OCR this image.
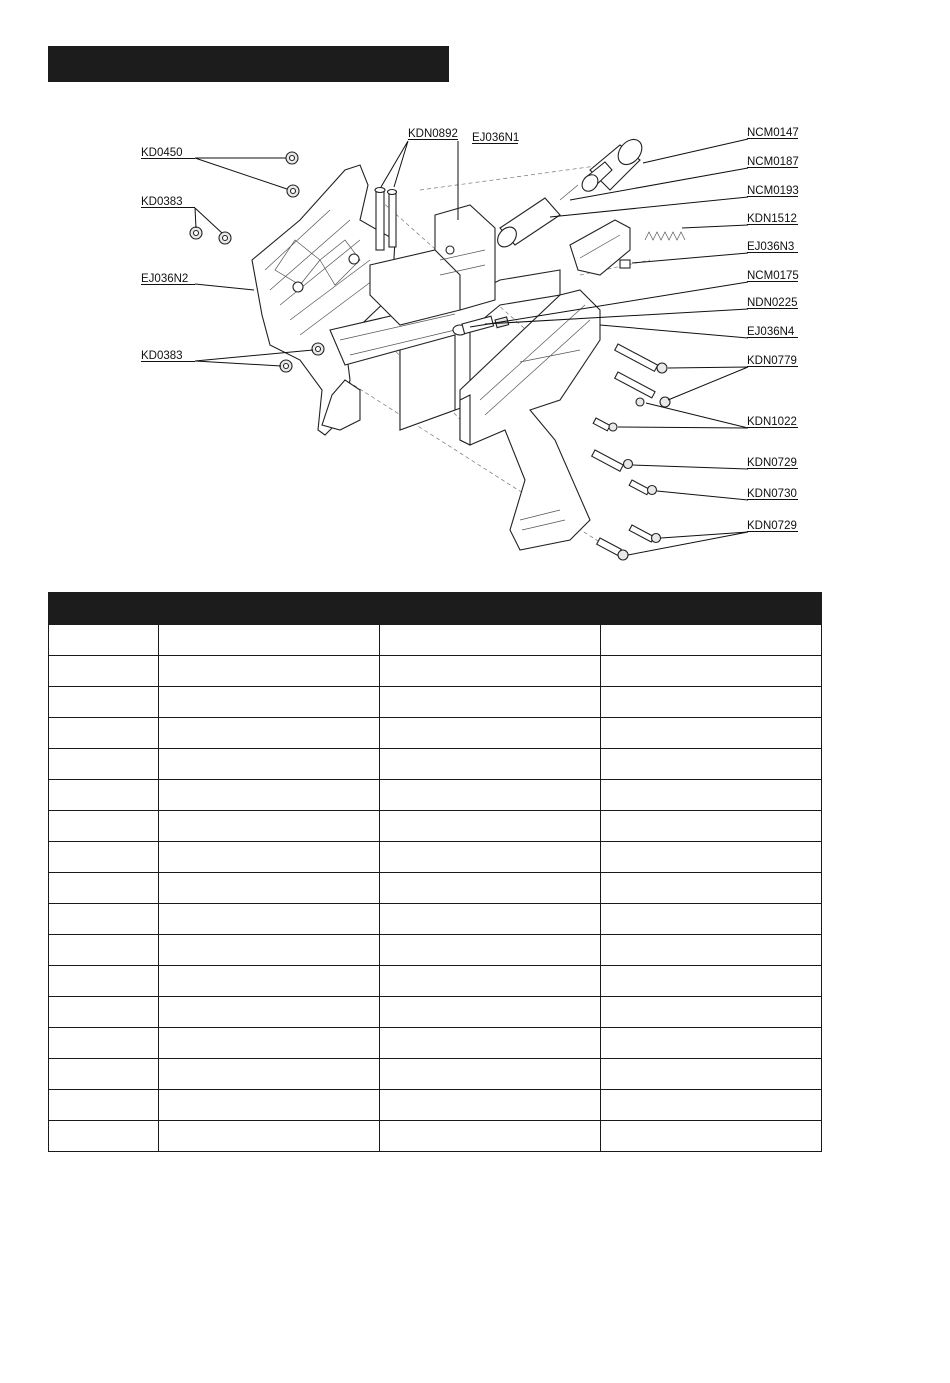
KDN0892 EJ036N1	NCM0147
KD0450
NCM0187
NCM0193
KD0383
KDN1512
EJ036N3
EJ036N2	NCM0175
NDN0225
EJ036N4
KD0383	KDN0779
KDN1022
KDN0729
KDN0730
KDN0729
